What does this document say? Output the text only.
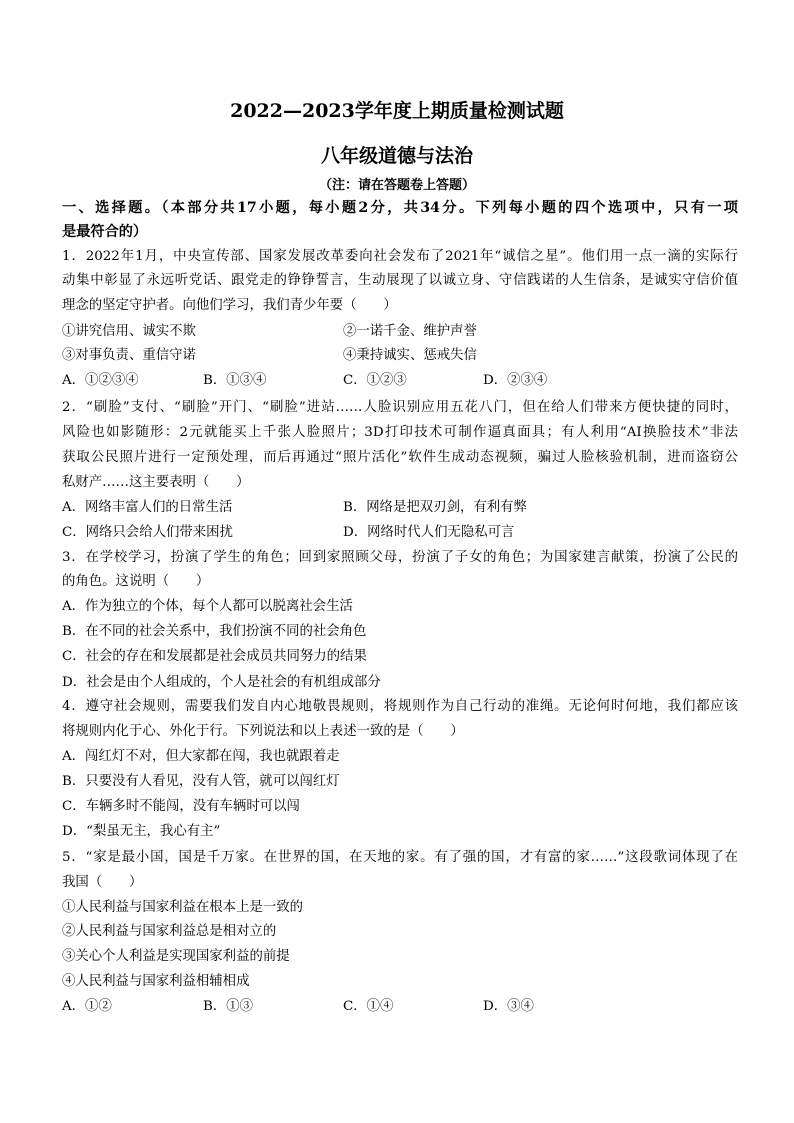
2022—2023学年度上期质量检测试题
八年级道德与法治
（注：请在答题卷上答题）
一、选择题。（本部分共17小题，每小题2分，共34分。下列每小题的四个选项中，只有一项
是最符合的）
1．2022年1月，中央宣传部、国家发展改革委向社会发布了2021年“诚信之星”。他们用一点一滴的实际行
动集中彰显了永远听党话、跟党走的铮铮誓言，生动展现了以诚立身、守信践诺的人生信条，是诚实守信价值
理念的坚定守护者。向他们学习，我们青少年要（　　）
①讲究信用、诚实不欺	②一诺千金、维护声誉
③对事负责、重信守诺	④秉持诚实、惩戒失信
A．①②③④	B．①③④	C．①②③	D．②③④
2．“刷脸”支付、“刷脸”开门、“刷脸”进站……人脸识别应用五花八门，但在给人们带来方便快捷的同时，
风险也如影随形：2元就能买上千张人脸照片；3D打印技术可制作逼真面具；有人利用“AI换脸技术”非法
获取公民照片进行一定预处理，而后再通过“照片活化”软件生成动态视频，骗过人脸核验机制，进而盗窃公
私财产……这主要表明（　　）
A．网络丰富人们的日常生活	B．网络是把双刃剑，有利有弊
C．网络只会给人们带来困扰	D．网络时代人们无隐私可言
3．在学校学习，扮演了学生的角色；回到家照顾父母，扮演了子女的角色；为国家建言献策，扮演了公民的
的角色。这说明（　　）
A．作为独立的个体，每个人都可以脱离社会生活
B．在不同的社会关系中，我们扮演不同的社会角色
C．社会的存在和发展都是社会成员共同努力的结果
D．社会是由个人组成的，个人是社会的有机组成部分
4．遵守社会规则，需要我们发自内心地敬畏规则，将规则作为自己行动的准绳。无论何时何地，我们都应该
将规则内化于心、外化于行。下列说法和以上表述一致的是（　　）
A．闯红灯不对，但大家都在闯，我也就跟着走
B．只要没有人看见，没有人管，就可以闯红灯
C．车辆多时不能闯，没有车辆时可以闯
D．“梨虽无主，我心有主”
5．“家是最小国，国是千万家。在世界的国，在天地的家。有了强的国，才有富的家……”这段歌词体现了在
我国（　　）
①人民利益与国家利益在根本上是一致的
②人民利益与国家利益总是相对立的
③关心个人利益是实现国家利益的前提
④人民利益与国家利益相辅相成
A．①②	B．①③	C．①④	D．③④
